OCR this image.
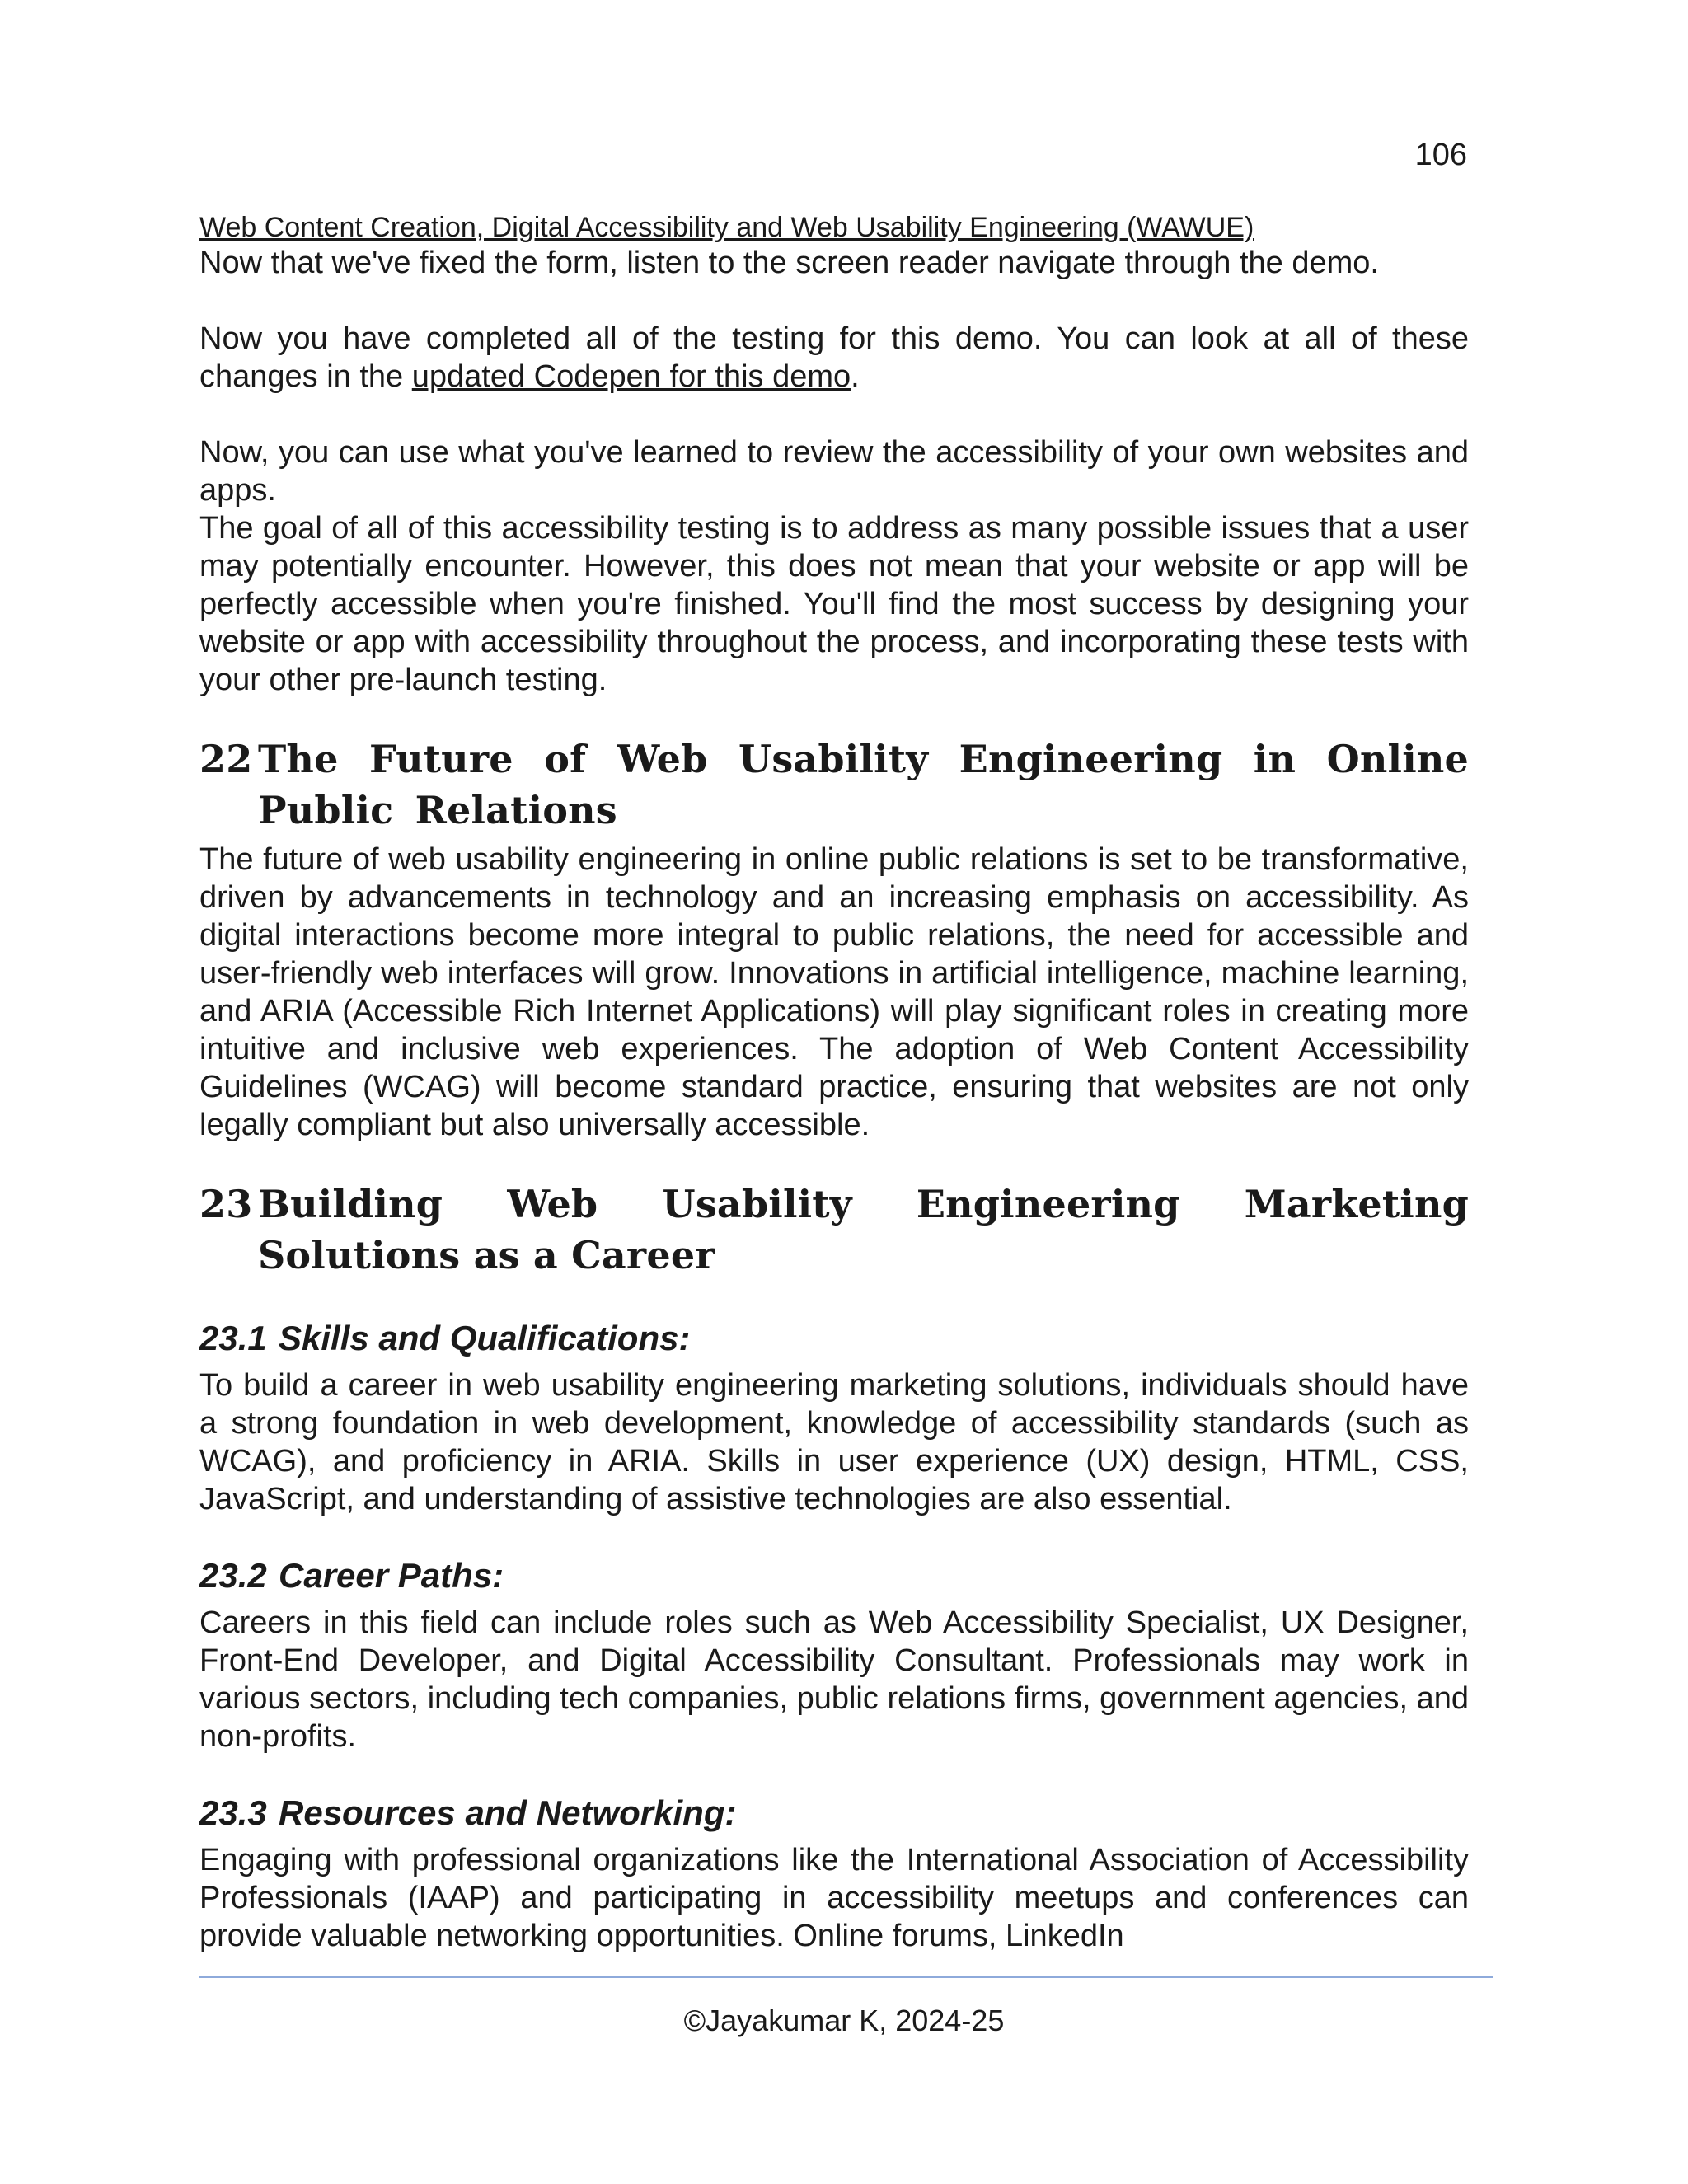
106
Web Content Creation, Digital Accessibility and Web Usability Engineering (WAWUE)

Now that we've fixed the form, listen to the screen reader navigate through the demo.

Now you have completed all of the testing for this demo. You can look at all of these changes in the updated Codepen for this demo.

Now, you can use what you've learned to review the accessibility of your own websites and apps.

The goal of all of this accessibility testing is to address as many possible issues that a user may potentially encounter. However, this does not mean that your website or app will be perfectly accessible when you're finished. You'll find the most success by designing your website or app with accessibility throughout the process, and incorporating these tests with your other pre-launch testing.

22 The Future of Web Usability Engineering in Online Public Relations

The future of web usability engineering in online public relations is set to be transformative, driven by advancements in technology and an increasing emphasis on accessibility. As digital interactions become more integral to public relations, the need for accessible and user-friendly web interfaces will grow. Innovations in artificial intelligence, machine learning, and ARIA (Accessible Rich Internet Applications) will play significant roles in creating more intuitive and inclusive web experiences. The adoption of Web Content Accessibility Guidelines (WCAG) will become standard practice, ensuring that websites are not only legally compliant but also universally accessible.

23 Building Web Usability Engineering Marketing Solutions as a Career
23.1 Skills and Qualifications:

To build a career in web usability engineering marketing solutions, individuals should have a strong foundation in web development, knowledge of accessibility standards (such as WCAG), and proficiency in ARIA. Skills in user experience (UX) design, HTML, CSS, JavaScript, and understanding of assistive technologies are also essential.

23.2 Career Paths:

Careers in this field can include roles such as Web Accessibility Specialist, UX Designer, Front-End Developer, and Digital Accessibility Consultant. Professionals may work in various sectors, including tech companies, public relations firms, government agencies, and non-profits.

23.3 Resources and Networking:

Engaging with professional organizations like the International Association of Accessibility Professionals (IAAP) and participating in accessibility meetups and conferences can provide valuable networking opportunities. Online forums, LinkedIn

©Jayakumar K, 2024-25
